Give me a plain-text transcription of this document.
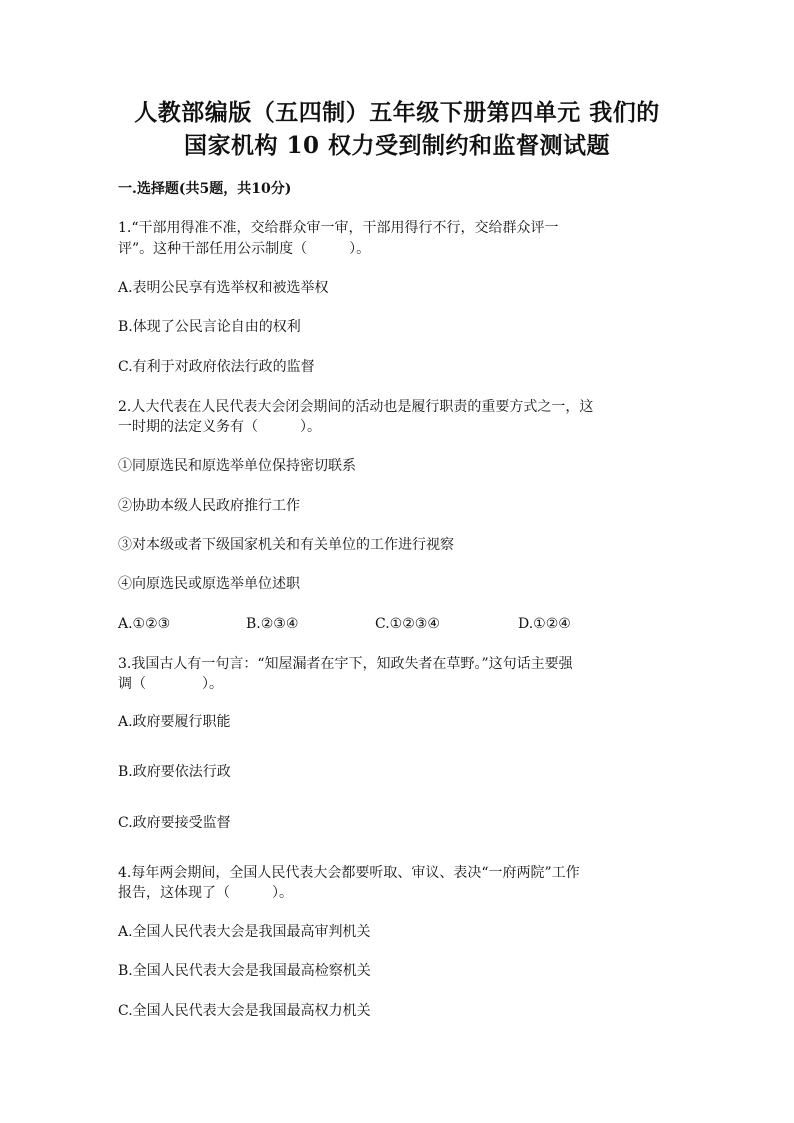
人教部编版（五四制）五年级下册第四单元 我们的
国家机构 10 权力受到制约和监督测试题
一.选择题(共5题，共10分)
1.“干部用得准不准，交给群众审一审，干部用得行不行，交给群众评一
评”。这种干部任用公示制度（　　　）。
A.表明公民享有选举权和被选举权
B.体现了公民言论自由的权利
C.有利于对政府依法行政的监督
2.人大代表在人民代表大会闭会期间的活动也是履行职责的重要方式之一，这
一时期的法定义务有（　　　）。
①同原选民和原选举单位保持密切联系
②协助本级人民政府推行工作
③对本级或者下级国家机关和有关单位的工作进行视察
④向原选民或原选举单位述职
A.①②③	B.②③④	C.①②③④	D.①②④
3.我国古人有一句言：“知屋漏者在宇下，知政失者在草野。”这句话主要强
调（　　　　）。
A.政府要履行职能
B.政府要依法行政
C.政府要接受监督
4.每年两会期间，全国人民代表大会都要听取、审议、表决“一府两院”工作
报告，这体现了（　　　）。
A.全国人民代表大会是我国最高审判机关
B.全国人民代表大会是我国最高检察机关
C.全国人民代表大会是我国最高权力机关
